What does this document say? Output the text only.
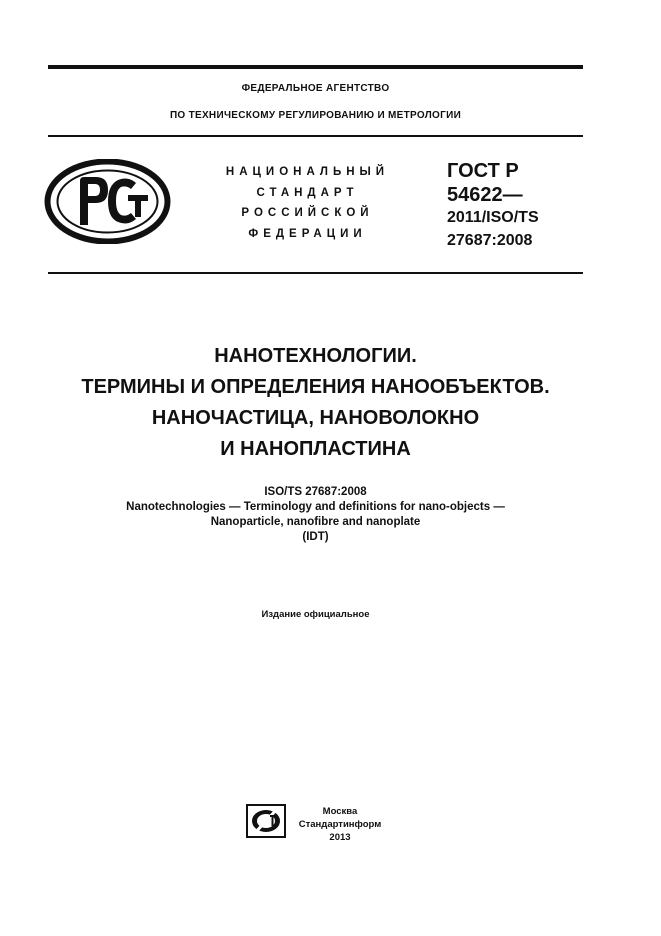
ФЕДЕРАЛЬНОЕ АГЕНТСТВО
ПО ТЕХНИЧЕСКОМУ РЕГУЛИРОВАНИЮ И МЕТРОЛОГИИ
НАЦИОНАЛЬНЫЙ
СТАНДАРТ
РОССИЙСКОЙ
ФЕДЕРАЦИИ
ГОСТ Р
54622—
2011/ISO/TS
27687:2008
НАНОТЕХНОЛОГИИ.
ТЕРМИНЫ И ОПРЕДЕЛЕНИЯ НАНООБЪЕКТОВ.
НАНОЧАСТИЦА, НАНОВОЛОКНО
И НАНОПЛАСТИНА
ISO/TS 27687:2008
Nanotechnologies — Terminology and definitions for nano-objects —
Nanoparticle, nanofibre and nanoplate
(IDT)
Издание официальное
Москва
Стандартинформ
2013
